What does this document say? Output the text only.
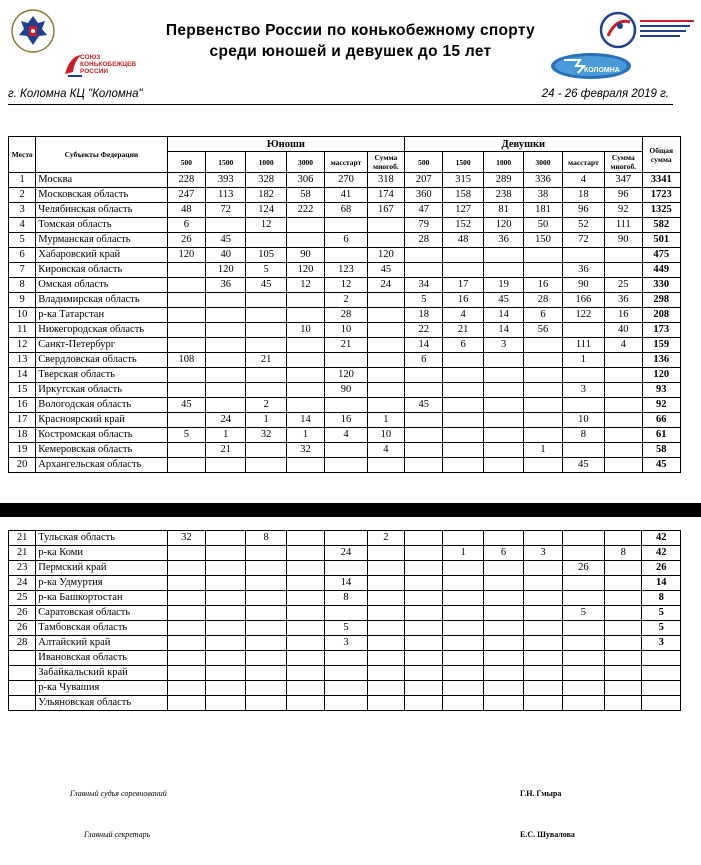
СОЮЗ
КОНЬКОБЕЖЦЕВ
РОССИИ	КОЛОМНА
Первенство России по конькобежному спорту
среди юношей и девушек до 15 лет
г. Коломна КЦ "Коломна"	24 - 26 февраля 2019 г.
Место	Субъекты Федерации	Юноши						Девушки						Общая сумма
		500	1500	1000	3000	масстарт	Сумма многоб.	500	1500	1000	3000	масстарт	Сумма многоб.	
1	Москва	228	393	328	306	270	318	207	315	289	336	4	347	3341
2	Московская область	247	113	182	58	41	174	360	158	238	38	18	96	1723
3	Челябинская область	48	72	124	222	68	167	47	127	81	181	96	92	1325
4	Томская область	6		12				79	152	120	50	52	111	582
5	Мурманская область	26	45			6		28	48	36	150	72	90	501
6	Хабаровский край	120	40	105	90		120							475
7	Кировская область		120	5	120	123	45					36		449
8	Омская область		36	45	12	12	24	34	17	19	16	90	25	330
9	Владимирская область					2		5	16	45	28	166	36	298
10	р-ка Татарстан					28		18	4	14	6	122	16	208
11	Нижегородская область				10	10		22	21	14	56		40	173
12	Санкт-Петербург					21		14	6	3		111	4	159
13	Свердловская область	108		21				6				1		136
14	Тверская область					120								120
15	Иркутская область					90						3		93
16	Вологодская область	45		2				45						92
17	Красноярский край		24	1	14	16	1					10		66
18	Костромская область	5	1	32	1	4	10					8		61
19	Кемеровская область		21		32		4				1			58
20	Архангельская область											45		45
21	Тульская область	32		8			2							42
21	р-ка Коми					24			1	6	3		8	42
23	Пермский край											26		26
24	р-ка Удмуртия					14								14
25	р-ка Башкортостан					8								8
26	Саратовская область											5		5
26	Тамбовская область					5								5
28	Алтайский край					3								3
	Ивановская область													
	Забайкальский край													
	р-ка Чувашия													
	Ульяновская область													
Главный судья соревнований	Г.Н. Гмыра
Главный секретарь	Е.С. Шувалова
